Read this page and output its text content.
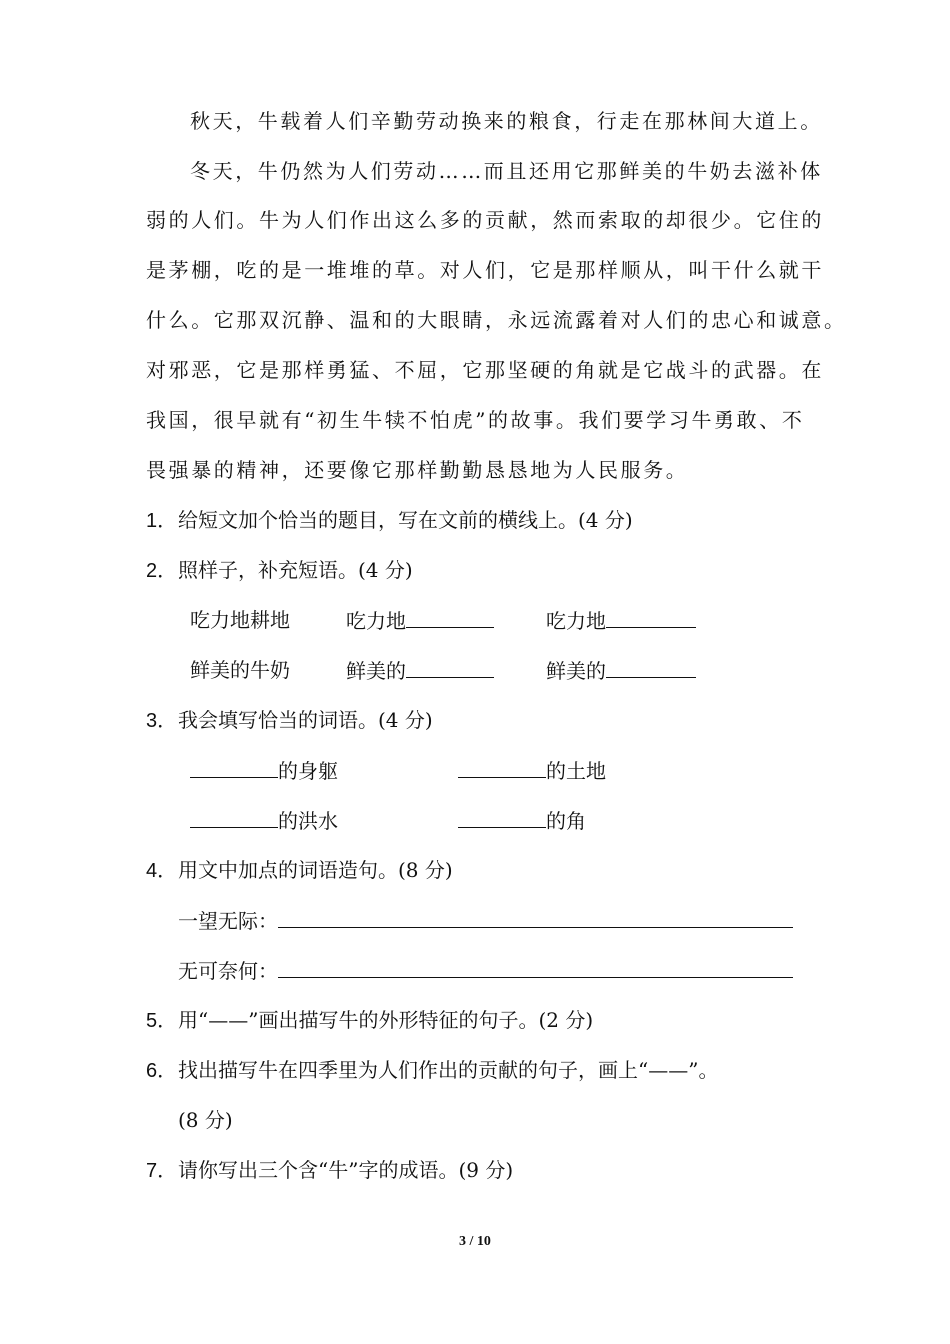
秋天，牛载着人们辛勤劳动换来的粮食，行走在那林间大道上。
冬天，牛仍然为人们劳动……而且还用它那鲜美的牛奶去滋补体
弱的人们。牛为人们作出这么多的贡献，然而索取的却很少。它住的
是茅棚，吃的是一堆堆的草。对人们，它是那样顺从，叫干什么就干
什么。它那双沉静、温和的大眼睛，永远流露着对人们的忠心和诚意。
对邪恶，它是那样勇猛、不屈，它那坚硬的角就是它战斗的武器。在
我国，很早就有“初生牛犊不怕虎”的故事。我们要学习牛勇敢、不
畏强暴的精神，还要像它那样勤勤恳恳地为人民服务。
1．给短文加个恰当的题目，写在文前的横线上。(4 分)
2．照样子，补充短语。(4 分)
吃力地耕地	吃力地	吃力地
鲜美的牛奶	鲜美的	鲜美的
3．我会填写恰当的词语。(4 分)
的身躯	的土地
的洪水	的角
4．用文中加点的词语造句。(8 分)
一望无际：
无可奈何：
5．用“——”画出描写牛的外形特征的句子。(2 分)
6．找出描写牛在四季里为人们作出的贡献的句子，画上“——”。
(8 分)
7．请你写出三个含“牛”字的成语。(9 分)
3 / 10
